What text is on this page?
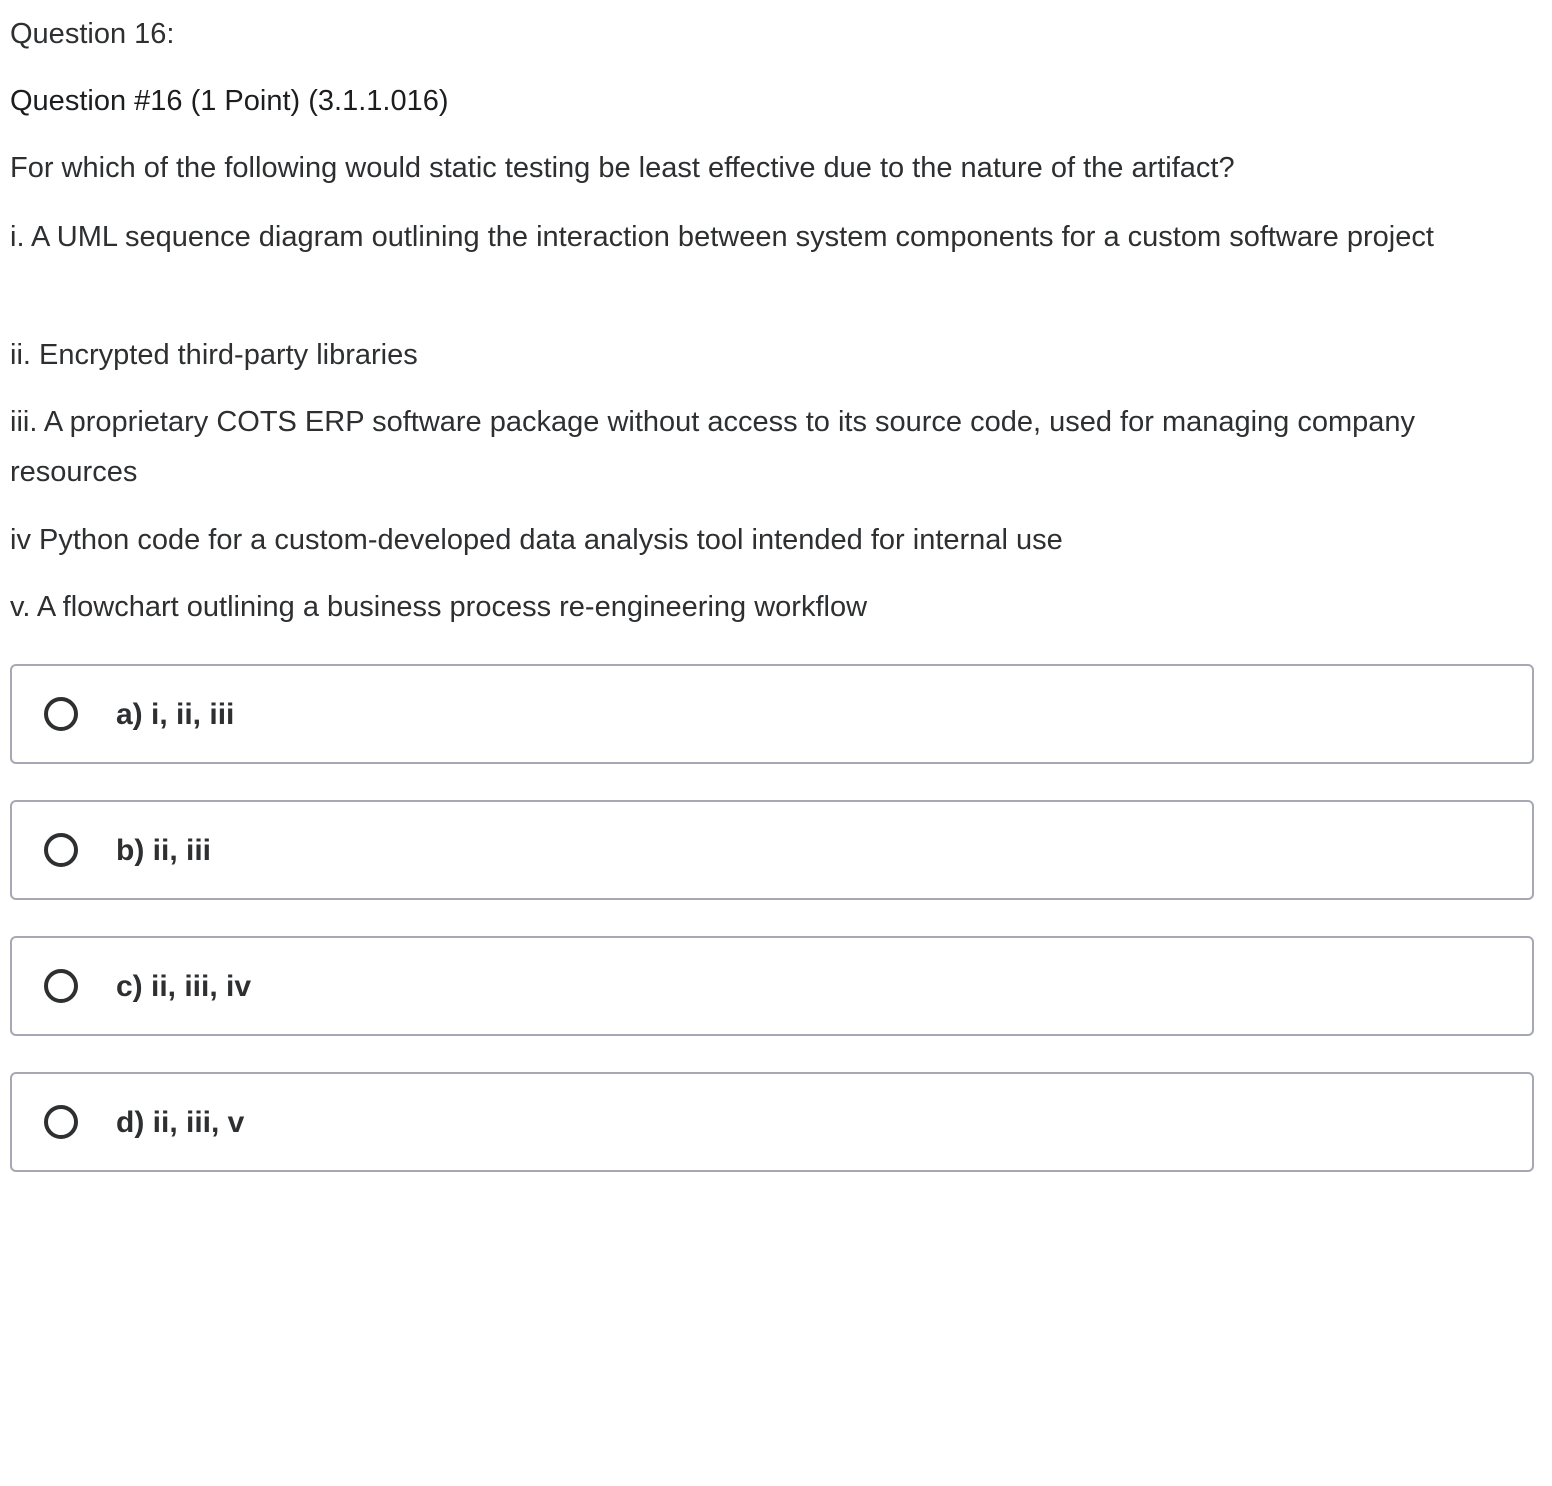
Question 16:
Question #16 (1 Point) (3.1.1.016)
For which of the following would static testing be least effective due to the nature of the artifact?
i. A UML sequence diagram outlining the interaction between system components for a custom software project
ii. Encrypted third-party libraries
iii. A proprietary COTS ERP software package without access to its source code, used for managing company resources
iv Python code for a custom-developed data analysis tool intended for internal use
v. A flowchart outlining a business process re-engineering workflow
a) i, ii, iii
b) ii, iii
c) ii, iii, iv
d) ii, iii, v
